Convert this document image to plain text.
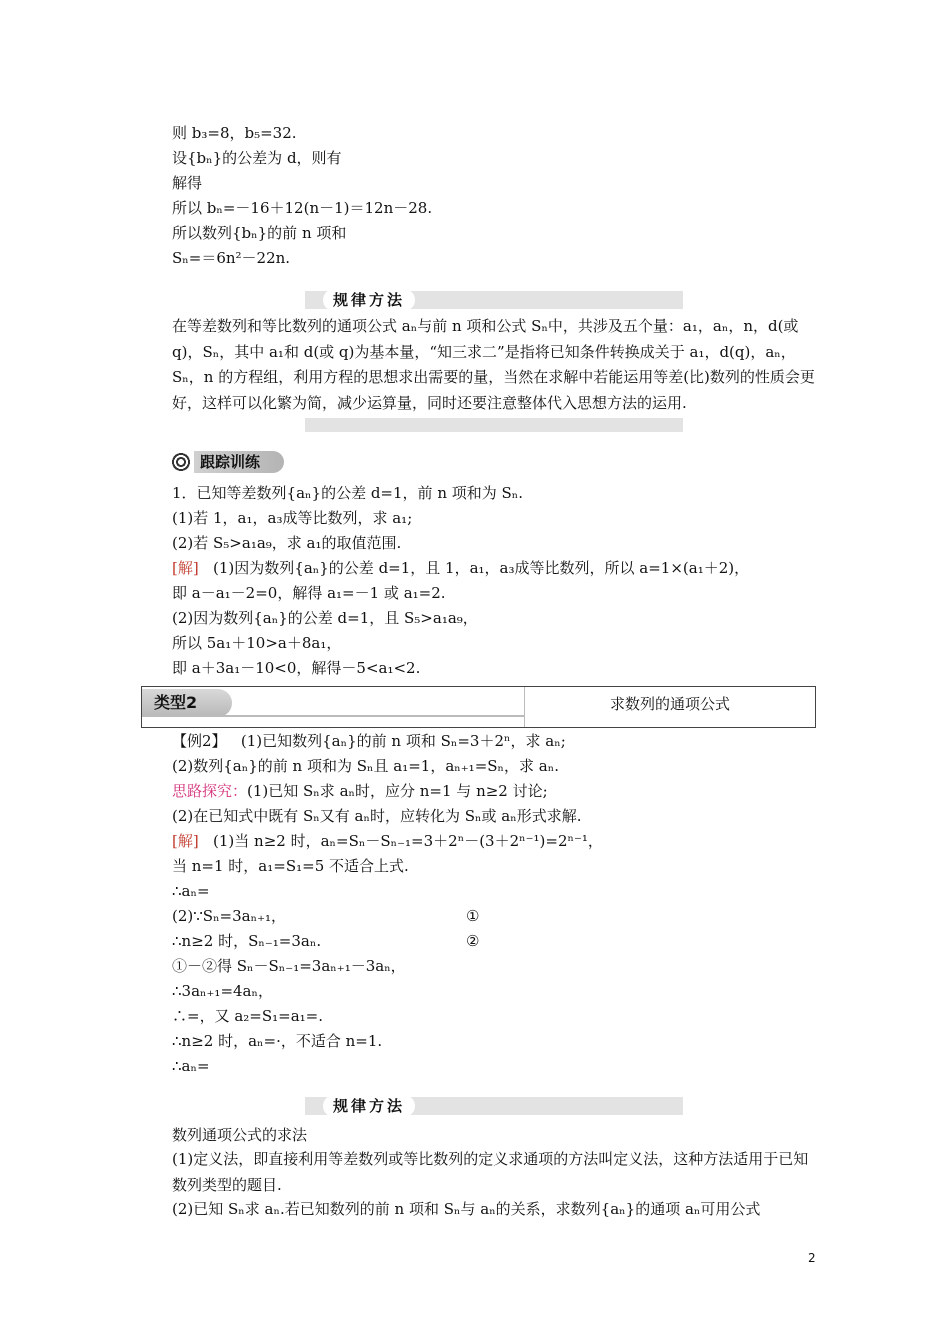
则 b₃=8，b₅=32.
设{bₙ}的公差为 d，则有
解得
所以 bₙ=－16＋12(n－1)＝12n－28.
所以数列{bₙ}的前 n 项和
Sₙ=＝6n²－22n.
规律方法
在等差数列和等比数列的通项公式 aₙ与前 n 项和公式 Sₙ中，共涉及五个量：a₁，aₙ，n，d(或 q)，Sₙ，其中 a₁和 d(或 q)为基本量，“知三求二”是指将已知条件转换成关于 a₁，d(q)，aₙ，Sₙ，n 的方程组，利用方程的思想求出需要的量，当然在求解中若能运用等差(比)数列的性质会更好，这样可以化繁为简，减少运算量，同时还要注意整体代入思想方法的运用.
跟踪训练
1．已知等差数列{aₙ}的公差 d=1，前 n 项和为 Sₙ.
(1)若 1，a₁，a₃成等比数列，求 a₁;
(2)若 S₅>a₁a₉，求 a₁的取值范围.
[解] (1)因为数列{aₙ}的公差 d=1，且 1，a₁，a₃成等比数列，所以 a=1×(a₁＋2)，
即 a－a₁－2=0，解得 a₁=－1 或 a₁=2.
(2)因为数列{aₙ}的公差 d=1，且 S₅>a₁a₉，
所以 5a₁＋10>a＋8a₁，
即 a＋3a₁－10<0，解得－5<a₁<2.
类型2	求数列的通项公式
【例2】 (1)已知数列{aₙ}的前 n 项和 Sₙ=3＋2ⁿ，求 aₙ;
(2)数列{aₙ}的前 n 项和为 Sₙ且 a₁=1，aₙ₊₁=Sₙ，求 aₙ.
思路探究：(1)已知 Sₙ求 aₙ时，应分 n=1 与 n≥2 讨论;
(2)在已知式中既有 Sₙ又有 aₙ时，应转化为 Sₙ或 aₙ形式求解.
[解] (1)当 n≥2 时，aₙ=Sₙ－Sₙ₋₁=3＋2ⁿ－(3＋2ⁿ⁻¹)=2ⁿ⁻¹，
当 n=1 时，a₁=S₁=5 不适合上式.
∴aₙ=
(2)∵Sₙ=3aₙ₊₁，	①
∴n≥2 时，Sₙ₋₁=3aₙ.	②
①－②得 Sₙ－Sₙ₋₁=3aₙ₊₁－3aₙ，
∴3aₙ₊₁=4aₙ，
∴=，又 a₂=S₁=a₁=.
∴n≥2 时，aₙ=·，不适合 n=1.
∴aₙ=
规律方法
数列通项公式的求法
(1)定义法，即直接利用等差数列或等比数列的定义求通项的方法叫定义法，这种方法适用于已知数列类型的题目.
(2)已知 Sₙ求 aₙ.若已知数列的前 n 项和 Sₙ与 aₙ的关系，求数列{aₙ}的通项 aₙ可用公式
2
